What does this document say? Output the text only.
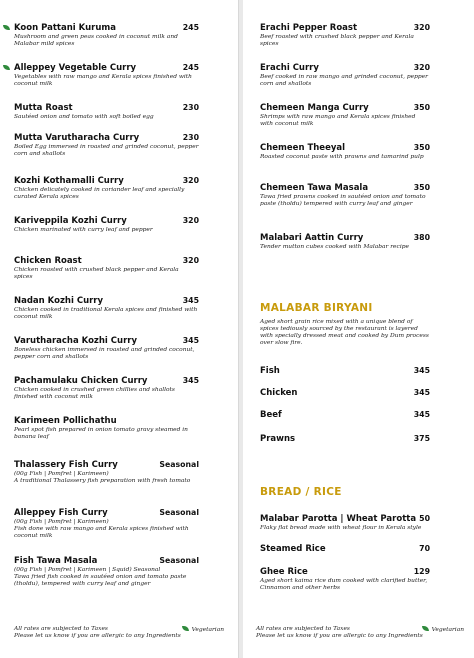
Koon Pattani Kuruma	245
Mushroom and green peas cooked in coconut milk and Malabar mild spices
Alleppey Vegetable Curry	245
Vegetables with raw mango and Kerala spices finished with coconut milk
Mutta Roast	230
Sautéed onion and tomato with soft boiled egg
Mutta Varutharacha Curry	230
Boiled Egg immersed in roasted and grinded coconut, pepper corn and shallots
Kozhi Kothamalli Curry	320
Chicken delicately cooked in coriander leaf and specially curated Kerala spices
Kariveppila Kozhi Curry	320
Chicken marinated with curry leaf and pepper
Chicken Roast	320
Chicken roasted with crushed black pepper and Kerala spices
Nadan Kozhi Curry	345
Chicken cooked in traditional Kerala spices and finished with coconut milk
Varutharacha Kozhi Curry	345
Boneless chicken immersed in roasted and grinded coconut, pepper corn and shallots
Pachamulaku Chicken Curry	345
Chicken cooked in crushed green chillies and shallots finished with coconut milk
Karimeen Pollichathu
Pearl spot fish prepared in onion tomato gravy steamed in banana leaf
Thalassery Fish Curry	Seasonal
(00g Fish | Pomfret | Karimeen)
A traditional Thalassery fish preparation with fresh tomato
Alleppey Fish Curry	Seasonal
(00g Fish | Pomfret | Karimeen)
Fish done with raw mango and Kerala spices finished with coconut milk
Fish Tawa Masala	Seasonal
(00g Fish | Pomfret | Karimeen | Squid) Seasonal
Tawa fried fish cooked in sautéed onion and tomato paste (tholdu), tempered with curry leaf and ginger
Erachi Pepper Roast	320
Beef roasted with crushed black pepper and Kerala spices
Erachi Curry	320
Beef cooked in raw mango and grinded coconut, pepper corn and shallots
Chemeen Manga Curry	350
Shrimps with raw mango and Kerala spices finished with coconut milk
Chemeen Theeyal	350
Roasted coconut paste with prawns and tamarind pulp
Chemeen Tawa Masala	350
Tawa fried prawns cooked in sautéed onion and tomato paste (tholdu) tempered with curry leaf and ginger
Malabari Aattin Curry	380
Tender mutton cubes cooked with Malabar recipe
MALABAR BIRYANI
Aged short grain rice mixed with a unique blend of spices tediously sourced by the restaurant is layered with specially dressed meat and cooked by Dum process over slow fire.
Fish	345
Chicken	345
Beef	345
Prawns	375
BREAD / RICE
Malabar Parotta | Wheat Parotta 50
Flaky flat bread made with wheat flour in Kerala style
Steamed Rice	70
Ghee Rice	129
Aged short kaima rice dum cooked with clarified butter, Cinnamon and other herbs
All rates are subjected to Taxes
Please let us know if you are allergic to any Ingredients
Vegetarian	All rates are subjected to Taxes
Please let us know if you are allergic to any Ingredients
Vegetarian
